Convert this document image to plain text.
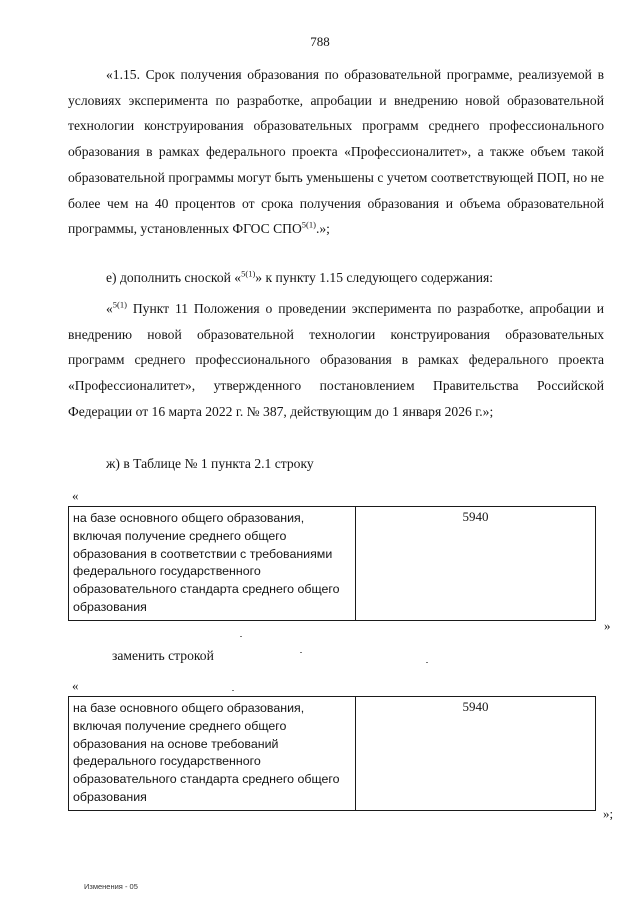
788
«1.15. Срок получения образования по образовательной программе, реализуемой в условиях эксперимента по разработке, апробации и внедрению новой образовательной технологии конструирования образовательных программ среднего профессионального образования в рамках федерального проекта «Профессионалитет», а также объем такой образовательной программы могут быть уменьшены с учетом соответствующей ПОП, но не более чем на 40 процентов от срока получения образования и объема образовательной программы, установленных ФГОС $СПО^{5(1)}$.»;
е) дополнить сноской «$^{5(1)}$» к пункту 1.15 следующего содержания:
«$^{5(1)}$ Пункт 11 Положения о проведении эксперимента по разработке, апробации и внедрению новой образовательной технологии конструирования образовательных программ среднего профессионального образования в рамках федерального проекта «Профессионалитет», утвержденного постановлением Правительства Российской Федерации от 16 марта 2022 г. № 387, действующим до 1 января 2026 г.»;
ж) в Таблице № 1 пункта 2.1 строку
«
на базе основного общего образования, включая получение среднего общего образования в соответствии с требованиями федерального государственного образовательного стандарта среднего общего образования	5940
»
заменить строкой
«
на базе основного общего образования, включая получение среднего общего образования на основе требований федерального государственного образовательного стандарта среднего общего образования	5940
»;
Изменения - 05
